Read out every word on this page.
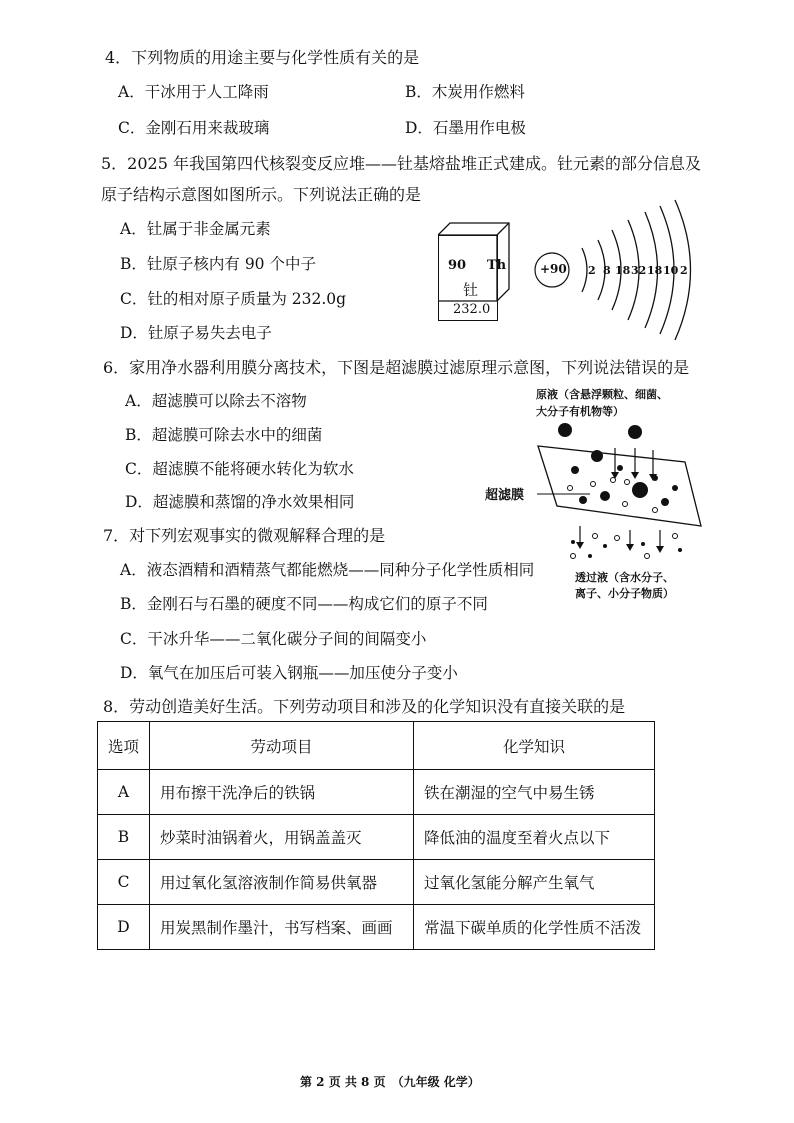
4．下列物质的用途主要与化学性质有关的是
A．干冰用于人工降雨	B．木炭用作燃料
C．金刚石用来裁玻璃	D．石墨用作电极
5．2025 年我国第四代核裂变反应堆——钍基熔盐堆正式建成。钍元素的部分信息及
原子结构示意图如图所示。下列说法正确的是
A．钍属于非金属元素
B．钍原子核内有 90 个中子
C．钍的相对原子质量为 232.0g
D．钍原子易失去电子
90 Th
钍
232.0
+90 2 8 18 32 18 10 2
6．家用净水器利用膜分离技术，下图是超滤膜过滤原理示意图，下列说法错误的是
A．超滤膜可以除去不溶物
B．超滤膜可除去水中的细菌
C．超滤膜不能将硬水转化为软水
D．超滤膜和蒸馏的净水效果相同
原液（含悬浮颗粒、细菌、
大分子有机物等）
超滤膜
透过液（含水分子、
离子、小分子物质）
7．对下列宏观事实的微观解释合理的是
A．液态酒精和酒精蒸气都能燃烧——同种分子化学性质相同
B．金刚石与石墨的硬度不同——构成它们的原子不同
C．干冰升华——二氧化碳分子间的间隔变小
D．氧气在加压后可装入钢瓶——加压使分子变小
8．劳动创造美好生活。下列劳动项目和涉及的化学知识没有直接关联的是
选项	劳动项目	化学知识
A	用布擦干洗净后的铁锅	铁在潮湿的空气中易生锈
B	炒菜时油锅着火，用锅盖盖灭	降低油的温度至着火点以下
C	用过氧化氢溶液制作简易供氧器	过氧化氢能分解产生氧气
D	用炭黑制作墨汁，书写档案、画画	常温下碳单质的化学性质不活泼
第 2 页 共 8 页　（九年级 化学）
